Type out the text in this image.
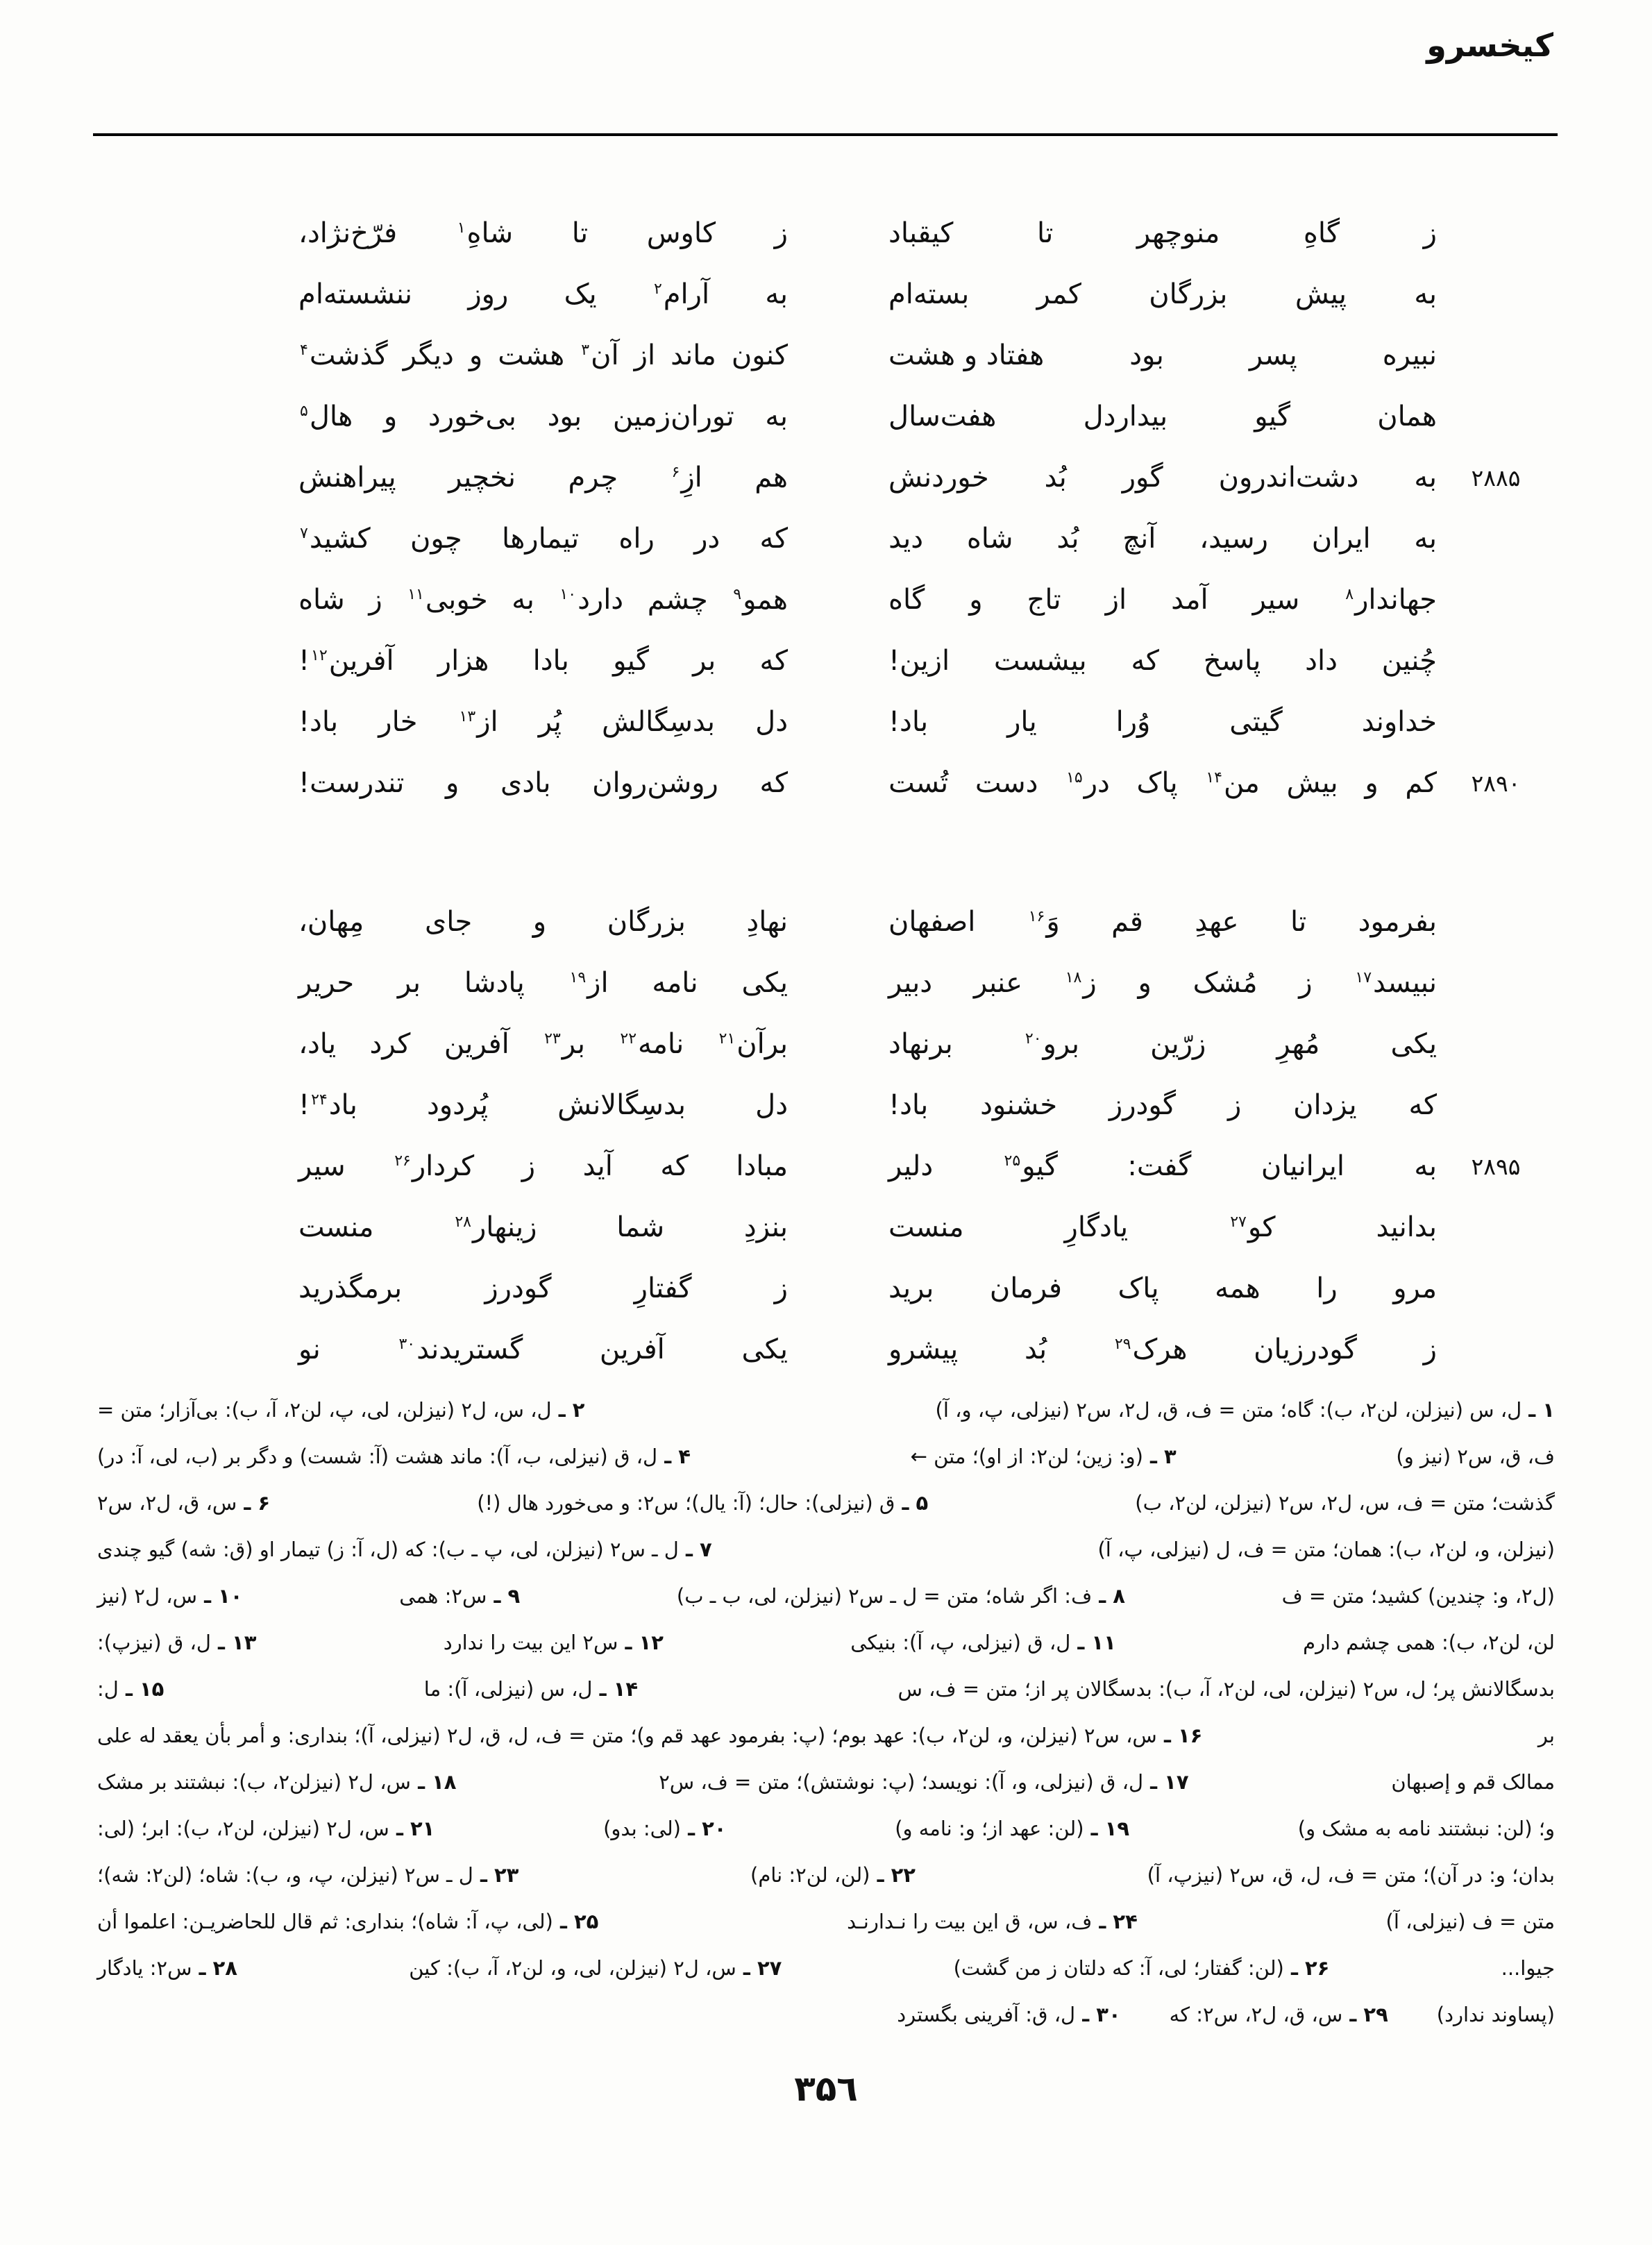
کیخسرو
ز
گاهِ
منوچهر
تا
کیقباد
ز
کاوس
تا
شاهِ$^۱$
فرّخ‌نژاد،
به
پیش
بزرگان
کمر
بسته‌ام
به
آرام$^۲$
یک
روز
ننشسته‌ام
نبیره
پسر
بود
هفتاد و هشت
کنون
ماند
از
آن$^۳$
هشت
و
دیگر
گذشت$^۴$
همان
گیو
بیداردل
هفت‌سال
به
توران‌زمین
بود
بی‌خورد
و
هال$^۵$
۲۸۸۵
به
دشت‌اندرون
گور
بُد
خوردنش
هم
ازِ$^۶$
چرم
نخچیر
پیراهنش
به
ایران
رسید،
آنچ
بُد
شاه
دید
که
در
راه
تیمارها
چون
کشید$^۷$
جهاندار$^۸$
سیر
آمد
از
تاج
و
گاه
همو$^۹$
چشم
دارد$^{۱۰}$
به
خوبی$^{۱۱}$
ز
شاه
چُنین
داد
پاسخ
که
بیشست
ازین!
که
بر
گیو
بادا
هزار
آفرین$^{۱۲}$!
خداوند
گیتی
وُرا
یار
باد!
دل
بدسِگالش
پُر
از$^{۱۳}$
خار
باد!
۲۸۹۰
کم
و
بیش
من$^{۱۴}$
پاک
در$^{۱۵}$
دست
تُست
که
روشن‌روان
بادی
و
تندرست!
بفرمود
تا
عهدِ
قم
وَ$^{۱۶}$
اصفهان
نهادِ
بزرگان
و
جای
مِهان،
نبیسد$^{۱۷}$
ز
مُشک
و
ز$^{۱۸}$
عنبر
دبیر
یکی
نامه
از$^{۱۹}$
پادشا
بر
حریر
یکی
مُهرِ
زرّین
برو$^{۲۰}$
برنهاد
برآن$^{۲۱}$
نامه$^{۲۲}$
بر$^{۲۳}$
آفرین
کرد
یاد،
که
یزدان
ز
گودرز
خشنود
باد!
دل
بدسِگالانش
پُردود
باد$^{۲۴}$!
۲۸۹۵
به
ایرانیان
گفت:
گیو$^{۲۵}$
دلیر
مبادا
که
آید
ز
کردار$^{۲۶}$
سیر
بدانید
کو$^{۲۷}$
یادگارِ
منست
بنزدِ
شما
زینهار$^{۲۸}$
منست
مرو
را
همه
پاک
فرمان
برید
ز
گفتارِ
گودرز
برمگذرید
ز
گودرزیان
هرک$^{۲۹}$
بُد
پیشرو
یکی
آفرین
گستریدند$^{۳۰}$
نو
۱ ـ ل، س (نیزلن، لن۲، ب): گاه؛ متن = ف، ق، ل۲، س۲ (نیزلی، پ، و، آ)
۲ ـ ل، س، ل۲ (نیزلن، لی، پ، لن۲، آ، ب): بی‌آزار؛ متن =
ف، ق، س۲ (نیز و)
۳ ـ (و: زین؛ لن۲: از او)؛ متن ←
۴ ـ ل، ق (نیزلی، ب، آ): ماند هشت (آ: شست) و دگر بر (ب، لی، آ: در)
گذشت؛ متن = ف، س، ل۲، س۲ (نیزلن، لن۲، ب)
۵ ـ ق (نیزلی): حال؛ (آ: یال)؛ س۲: و می‌خورد هال (!)
۶ ـ س، ق، ل۲، س۲
(نیزلن، و، لن۲، ب): همان؛ متن = ف، ل (نیزلی، پ، آ)
۷ ـ ل ـ س۲ (نیزلن، لی، پ ـ ب): که (ل، آ: ز) تیمار او (ق: شه) گیو چندی
(ل۲، و: چندین) کشید؛ متن = ف
۸ ـ ف: اگر شاه؛ متن = ل ـ س۲ (نیزلن، لی، ب ـ ب)
۹ ـ س۲: همی
۱۰ ـ س، ل۲ (نیز
لن، لن۲، ب): همی چشم دارم
۱۱ ـ ل، ق (نیزلی، پ، آ): بنیکی
۱۲ ـ س۲ این بیت را ندارد
۱۳ ـ ل، ق (نیزپ):
بدسگالانش پر؛ ل، س۲ (نیزلن، لی، لن۲، آ، ب): بدسگالان پر از؛ متن = ف، س
۱۴ ـ ل، س (نیزلی، آ): ما
۱۵ ـ ل:
بر
۱۶ ـ س، س۲ (نیزلن، و، لن۲، ب): عهد بوم؛ (پ: بفرمود عهد قم و)؛ متن = ف، ل، ق، ل۲ (نیزلی، آ)؛ بنداری: و أمر بأن یعقد له علی
ممالک قم و إصبهان
۱۷ ـ ل، ق (نیزلی، و، آ): نویسد؛ (پ: نوشتش)؛ متن = ف، س۲
۱۸ ـ س، ل۲ (نیزلن۲، ب): نبشتند بر مشک
و؛ (لن: نبشتند نامه به مشک و)
۱۹ ـ (لن: عهد از؛ و: نامه و)
۲۰ ـ (لی: بدو)
۲۱ ـ س، ل۲ (نیزلن، لن۲، ب): ابر؛ (لی:
بدان؛ و: در آن)؛ متن = ف، ل، ق، س۲ (نیزپ، آ)
۲۲ ـ (لن، لن۲: نام)
۲۳ ـ ل ـ س۲ (نیزلن، پ، و، ب): شاه؛ (لن۲: شه)؛
متن = ف (نیزلی، آ)
۲۴ ـ ف، س، ق این بیت را نـدارنـد
۲۵ ـ (لی، پ، آ: شاه)؛ بنداری: ثم قال للحاضریـن: اعلموا أن
جیوا...
۲۶ ـ (لن: گفتار؛ لی، آ: که دلتان ز من گشت)
۲۷ ـ س، ل۲ (نیزلن، لی، و، لن۲، آ، ب): کین
۲۸ ـ س۲: یادگار
(پساوند ندارد)
۲۹ ـ س، ق، ل۲، س۲: که
۳۰ ـ ل، ق: آفرینی بگسترد
۳۵٦
